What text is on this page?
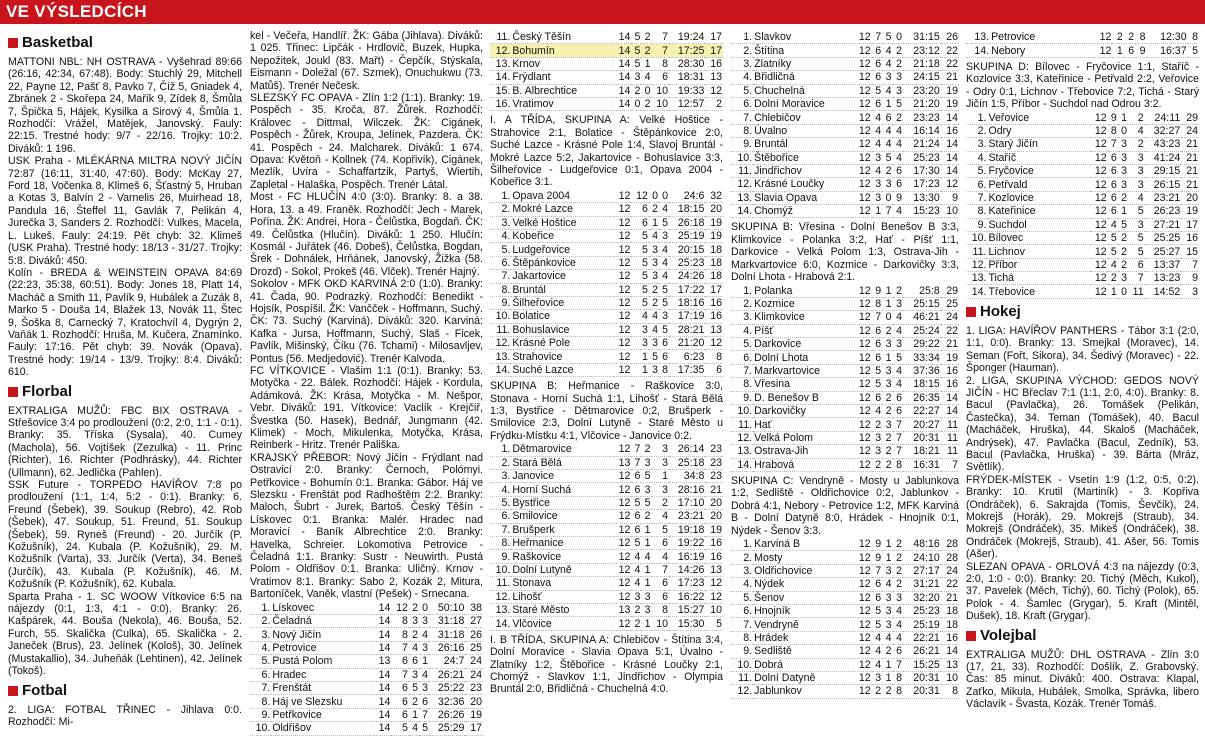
VE VÝSLEDCÍCH
Basketbal

MATTONI NBL: NH OSTRAVA - Vyšehrad 89:66 (26:16, 42:34, 67:48). Body: Stuchlý 29, Mitchell 22, Payne 12, Pašť 8, Pavko 7, Číž 5, Gniadek 4, Zbránek 2 - Skořepa 24, Mařík 9, Zídek 8, Šmůla 7, Špička 5, Hájek, Kysilka a Sirový 4, Šmůla 1. Rozhodčí: Vrážel, Matějek, Janovský. Fauly: 22:15. Trestné hody: 9/7 - 22/16. Trojky: 10:2. Diváků: 1 196.

USK Praha - MLÉKÁRNA MILTRA NOVÝ JIČÍN 72:87 (16:11, 31:40, 47:60). Body: McKay 27, Ford 18, Vočenka 8, Klimeš 6, Šťastný 5, Hruban a Kotas 3, Balvín 2 - Varnelis 26, Muirhead 18, Pandula 16, Šteffel 11, Gavlák 7, Pelikán 4, Jurečka 3, Sanders 2. Rozhodčí: Vulkes, Macela, L. Lukeš. Fauly: 24:19. Pět chyb: 32. Klimeš (USK Praha). Trestné hody: 18/13 - 31/27. Trojky: 5:8. Diváků: 450.

Kolín - BREDA & WEINSTEIN OPAVA 84:69 (22:23, 35:38, 60:51). Body: Jones 18, Platt 14, Macháč a Smith 11, Pavlík 9, Hubálek a Zuzák 8, Marko 5 - Douša 14, Blažek 13, Novák 11, Štec 9, Šoška 8, Carnecký 7, Kratochvíl 4, Dygrýn 2, Vaňák 1. Rozhodčí: Hruša, M. Kučera, Znamínko. Fauly: 17:16. Pět chyb: 39. Novák (Opava). Trestné hody: 19/14 - 13/9. Trojky: 8:4. Diváků: 610.

Florbal

EXTRALIGA MUŽŮ: FBC BIX OSTRAVA - Střešovice 3:4 po prodloužení (0:2, 2:0, 1:1 - 0:1). Branky: 35. Tříska (Sysala), 40. Cumey (Machola), 56. Vojtíšek (Zezulka) - 11. Princ (Richter), 16. Richter (Podhrásky), 44. Richter (Ullmann), 62. Jedlička (Pahlen).

SSK Future - TORPEDO HAVÍŘOV 7:8 po prodloužení (1:1, 1:4, 5:2 - 0:1). Branky: 6. Freund (Šebek), 39. Soukup (Rebro), 42. Rob (Šebek), 47. Soukup, 51. Freund, 51. Soukup (Šebek), 59. Ryneš (Freund) - 20. Jurčík (P. Kožušník), 24. Kubala (P. Kožušník), 29. M. Kožušník (Varta), 33. Jurčík (Verta), 34. Beneš (Jurčík), 43. Kubala (P. Kožušník), 46. M. Kožušník (P. Kožušník), 62. Kubala.

Sparta Praha - 1. SC WOOW Vítkovice 6:5 na nájezdy (0:1, 1:3, 4:1 - 0:0). Branky: 26. Kašpárek, 44. Bouša (Nekola), 46. Bouša, 52. Furch, 55. Skalička (Culka), 65. Skalička - 2. Janeček (Brus), 23. Jelínek (Kološ), 30. Jelínek (Mustakallio), 34. Juheňák (Lehtinen), 42. Jelínek (Tokoš).

Fotbal

2. LIGA: FOTBAL TŘINEC - Jihlava 0:0. Rozhodčí: Mi-

kel - Večeřa, Handlíř. ŽK: Gába (Jihlava). Diváků: 1 025. Třinec: Lipčák - Hrdlovič, Buzek, Hupka, Nepožitek, Joukl (83. Mařt) - Čepčík, Stýskala, Eismann - Doležal (67. Szmek), Onuchukwu (73. Matůš). Trenér Nečesk.

SLEZSKÝ FC OPAVA - Zlín 1:2 (1:1). Branky: 19. Pospěch - 35. Kroča, 87. Žůrek. Rozhodčí: Královec - Dittmal, Wilczek. ŽK: Cigánek, Pospěch - Žůrek, Kroupa, Jelínek, Pazdera. ČK: 41. Pospěch - 24. Malcharek. Diváků: 1 674. Opava: Květoň - Kollnek (74. Kopřivík), Cigánek, Mezlík, Uvíra - Schaffartzik, Partyš, Wiertih, Zapletal - Halaška, Pospěch. Trenér Látal.

Most - FC HLUČÍN 4:0 (3:0). Branky: 8. a 38. Hora, 13. a 49. Franěk. Rozhodčí: Jech - Marek, Pořína. ŽK: Andrei, Hora - Čelůstka, Bogdaň. ČK: 49. Čelůstka (Hlučín). Diváků: 1 250. Hlučín: Kosmál - Juřátek (46. Dobeš), Čelůstka, Bogdan, Šrek - Dohnálek, Hrňánek, Janovský, Žižka (58. Drozd) - Sokol, Prokeš (46. Vlček). Trenér Hajný.

Sokolov - MFK OKD KARVINÁ 2:0 (1:0). Branky: 41. Čada, 90. Podrazký. Rozhodčí: Benedikt - Hojsík, Pospíšil. ŽK: Vančček - Hoffmann, Suchý. ČK: 73. Suchý (Karviná). Diváků: 320. Karviná: Kafka - Jursa, Hoffmann, Suchý, Slaš - Ficek, Pavlík, Mišinský, Číku (76. Tchami) - Milosavljev, Pontus (56. Medjedović). Trenér Kalvoda.

FC VÍTKOVICE - Vlašim 1:1 (0:1). Branky: 53. Motyčka - 22. Bálek. Rozhodčí: Hájek - Kordula, Adámková. ŽK: Krása, Motyčka - M. Nešpor, Vebr. Diváků: 191. Vítkovice: Vaclík - Krejčíř, Švestka (50. Hasek), Bednář, Jungmann (42. Klimek) - Moch, Mikulenka, Motyčka, Krása, Reinberk - Hritz. Trenér Pališka.

KRAJSKÝ PŘEBOR: Nový Jičín - Frýdlant nad Ostravicí 2:0. Branky: Černoch, Polómyi. Petřkovice - Bohumín 0:1. Branka: Gábor. Háj ve Slezsku - Frenštát pod Radhoštěm 2:2. Branky: Maloch, Šubrt - Jurek, Bartoš. Český Těšín - Lískovec 0:1. Branka: Malér. Hradec nad Moravicí - Baník Albrechtice 2:0. Branky: Havelka, Schreier. Lokomotiva Petrovice - Čeladná 1:1. Branky: Sustr - Neuwirth. Pustá Polom - Oldřišov 0:1. Branka: Uličný. Krnov - Vratimov 8:1. Branky: Sabo 2, Kozák 2, Mitura, Bartoníček, Vaněk, vlastní (Pešek) - Srnecana.

1.	Lískovec	14	12	2	0	50:10	38
2.	Čeladná	14	8	3	3	31:18	27
3.	Nový Jičín	14	8	2	4	31:18	26
4.	Petrovice	14	7	4	3	26:16	25
5.	Pustá Polom	13	6	6	1	24:7	24
6.	Hradec	14	7	3	4	26:21	24
7.	Frenštát	14	6	5	3	25:22	23
8.	Háj ve Slezsku	14	6	2	6	32:36	20
9.	Petřkovice	14	6	1	7	26:26	19
10.	Oldřišov	14	5	4	5	25:29	17
11.	Český Těšín	14	5	2	7	19:24	17
12.	Bohumín	14	5	2	7	17:25	17
13.	Krnov	14	5	1	8	28:30	16
14.	Frýdlant	14	3	4	6	18:31	13
15.	B. Albrechtice	14	2	0	10	19:33	12
16.	Vratimov	14	0	2	10	12:57	2

I. A TŘÍDA, SKUPINA A: Velké Hoštice - Strahovice 2:1, Bolatice - Štěpánkovice 2:0, Suché Lazce - Krásné Pole 1:4, Slavoj Bruntál - Mokré Lazce 5:2, Jakartovice - Bohuslavice 3:3, Šilheřovice - Ludgeřovice 0:1, Opava 2004 - Kobeřice 3:1.

1.	Opava 2004	12	12	0	0	24:6	32
2.	Mokré Lazce	12	6	2	4	18:15	20
3.	Velké Hoštice	12	6	1	5	26:18	19
4.	Kobeřice	12	5	4	3	25:19	19
5.	Ludgeřovice	12	5	3	4	20:15	18
6.	Štěpánkovice	12	5	3	4	25:23	18
7.	Jakartovice	12	5	3	4	24:26	18
8.	Bruntál	12	5	2	5	17:22	17
9.	Šilheřovice	12	5	2	5	18:16	16
10.	Bolatice	12	4	4	3	17:19	16
11.	Bohuslavice	12	3	4	5	28:21	13
12.	Krásné Pole	12	3	3	6	21:20	12
13.	Strahovice	12	1	5	6	6:23	8
14.	Suché Lazce	12	1	3	8	17:35	6

SKUPINA B: Heřmanice - Raškovice 3:0, Stonava - Horní Suchá 1:1, Lihošť - Stará Bělá 1:3, Bystřice - Dětmarovice 0:2, Brušperk - Smilovice 2:3, Dolní Lutyně - Staré Město u Frýdku-Místku 4:1, Vlčovice - Janovice 0:2.

1.	Dětmarovice	12	7	2	3	26:14	23
2.	Stará Bělá	13	7	3	3	25:18	23
3.	Janovice	12	6	5	1	34:8	23
4.	Horní Suchá	12	6	3	3	28:16	21
5.	Bystřice	12	5	5	2	17:10	20
6.	Smilovice	12	6	2	4	23:21	20
7.	Brušperk	12	6	1	5	19:18	19
8.	Heřmanice	12	5	1	6	19:22	16
9.	Raškovice	12	4	4	4	16:19	16
10.	Dolní Lutyně	12	4	1	7	14:26	13
11.	Stonava	12	4	1	6	17:23	12
12.	Lihošť	12	3	3	6	16:22	12
13.	Staré Město	13	2	3	8	15:27	10
14.	Vlčovice	12	2	1	10	15:30	5

I. B TŘÍDA, SKUPINA A: Chlebičov - Štítina 3:4, Dolní Moravice - Slavia Opava 5:1, Úvalno - Zlatníky 1:2, Štěbořice - Krásné Loučky 2:1, Chomýž - Slavkov 1:1, Jindřichov - Olympia Bruntál 2:0, Břidličná - Chuchelná 4:0.

1.	Slavkov	12	7	5	0	31:15	26
2.	Štítina	12	6	4	2	23:12	22
3.	Zlatníky	12	6	4	2	21:18	22
4.	Břidličná	12	6	3	3	24:15	21
5.	Chuchelná	12	5	4	3	23:20	19
6.	Dolní Moravice	12	6	1	5	21:20	19
7.	Chlebičov	12	4	6	2	23:23	14
8.	Úvalno	12	4	4	4	16:14	16
9.	Bruntál	12	4	4	4	21:24	14
10.	Štěbořice	12	3	5	4	25:23	14
11.	Jindřichov	12	4	2	6	17:30	14
12.	Krásné Loučky	12	3	3	6	17:23	12
13.	Slavia Opava	12	3	0	9	13:30	9
14.	Chomýž	12	1	7	4	15:23	10

SKUPINA B: Vřesina - Dolní Benešov B 3:3, Klimkovice - Polanka 3:2, Hať - Píšť 1:1, Darkovice - Velká Polom 1:3, Ostrava-Jih - Markvartovice 6:0, Kozmice - Darkovičky 3:3, Dolní Lhota - Hrabová 2:1.

1.	Polanka	12	9	1	2	25:8	29
2.	Kozmice	12	8	1	3	25:15	25
3.	Klimkovice	12	7	0	4	46:21	24
4.	Píšť	12	6	2	4	25:24	22
5.	Darkovice	12	6	3	3	29:22	21
6.	Dolní Lhota	12	6	1	5	33:34	19
7.	Markvartovice	12	5	3	4	37:36	16
8.	Vřesina	12	5	3	4	18:15	16
9.	D. Benešov B	12	6	2	6	26:35	14
10.	Darkovičky	12	4	2	6	22:27	14
11.	Hať	12	2	3	7	20:27	11
12.	Velká Polom	12	3	2	7	20:31	11
13.	Ostrava-Jih	12	3	2	7	18:21	11
14.	Hrabová	12	2	2	8	16:31	7

SKUPINA C: Vendryně - Mosty u Jablunkova 1:2, Sedliště - Oldřichovice 0:2, Jablunkov - Dobrá 4:1, Nebory - Petrovice 1:2, MFK Karviná B - Dolní Datyně 8:0, Hrádek - Hnojník 0:1, Nýdek - Šenov 3:3.

1.	Karviná B	12	9	1	2	48:16	28
2.	Mosty	12	9	1	2	24:10	28
3.	Oldřichovice	12	7	3	2	27:17	24
4.	Nýdek	12	6	4	2	31:21	22
5.	Šenov	12	6	3	3	32:20	21
6.	Hnojník	12	5	3	4	25:23	18
7.	Vendryně	12	5	3	4	25:19	18
8.	Hrádek	12	4	4	4	22:21	16
9.	Sedliště	12	4	2	6	26:21	14
10.	Dobrá	12	4	1	7	15:25	13
11.	Dolní Datyně	12	3	1	8	20:31	10
12.	Jablunkov	12	2	2	8	20:31	8
13.	Petrovice	12	2	2	8	12:30	8
14.	Nebory	12	1	6	9	16:37	5

SKUPINA D: Bílovec - Fryčovice 1:1, Staříč - Kozlovice 3:3, Kateřinice - Petřvald 2:2, Veřovice - Odry 0:1, Lichnov - Třebovice 7:2, Tichá - Starý Jičín 1:5, Příbor - Suchdol nad Odrou 3:2.

1.	Veřovice	12	9	1	2	24:11	29
2.	Odry	12	8	0	4	32:27	24
3.	Starý Jičín	12	7	3	2	43:23	21
4.	Staříč	12	6	3	3	41:24	21
5.	Fryčovice	12	6	3	3	29:15	21
6.	Petřvald	12	6	3	3	26:15	21
7.	Kozlovice	12	6	2	4	23:21	20
8.	Kateřinice	12	6	1	5	26:23	19
9.	Suchdol	12	4	5	3	27:21	17
10.	Bílovec	12	5	2	5	25:25	16
11.	Lichnov	12	5	2	5	25:27	15
12.	Příbor	12	4	2	6	13:37	7
13.	Tichá	12	2	3	7	13:23	9
14.	Třebovice	12	1	0	11	14:52	3
Hokej

1. LIGA: HAVÍŘOV PANTHERS - Tábor 3:1 (2:0, 1:1, 0:0). Branky: 13. Smejkal (Moravec), 14. Seman (Fořt, Sikora), 34. Šedivý (Moravec) - 22. Šponger (Hauman).

2. LIGA, SKUPINA VÝCHOD: GEDOS NOVÝ JIČÍN - HC Břeclav 7:1 (1:1, 2:0, 4:0). Branky: 8. Bacul (Pavlačka), 26. Tomášek (Pelikán, Častečka), 34. Teman (Tomášek), 40. Bacul (Macháček, Hruška), 44. Skaloš (Macháček, Andrýsek), 47. Pavlačka (Bacul, Zedník), 53. Bacul (Pavlačka, Hruška) - 39. Bárta (Mráz, Světlík).

FRÝDEK-MÍSTEK - Vsetín 1:9 (1:2, 0:5, 0:2). Branky: 10. Krutil (Martiník) - 3. Kopřiva (Ondráček), 6. Sakrajda (Tomis, Ševčík), 24. Mokrejš (Horák), 29. Mokrejš (Straub), 34. Mokrejš (Ondráček), 35. Mikeš (Ondráček), 38. Ondráček (Mokrejš, Straub), 41. Ašer, 56. Tomis (Ašer).

SLEZAN OPAVA - ORLOVÁ 4:3 na nájezdy (0:3, 2:0, 1:0 - 0:0). Branky: 20. Tichý (Měch, Kukol), 37. Pavelek (Měch, Tichý), 60. Tichý (Polok), 65. Polok - 4. Šamlec (Grygar), 5. Kraft (Mintěl, Dušek), 18. Kraft (Grygar).

Volejbal

EXTRALIGA MUŽŮ: DHL OSTRAVA - Zlín 3:0 (17, 21, 33). Rozhodčí: Došlík, Z. Grabovský. Čas: 85 minut. Diváků: 400. Ostrava: Klapal, Zaťko, Mikula, Hubálek, Smolka, Správka, libero Václavík - Švasta, Kozák. Trenér Tomáš.
